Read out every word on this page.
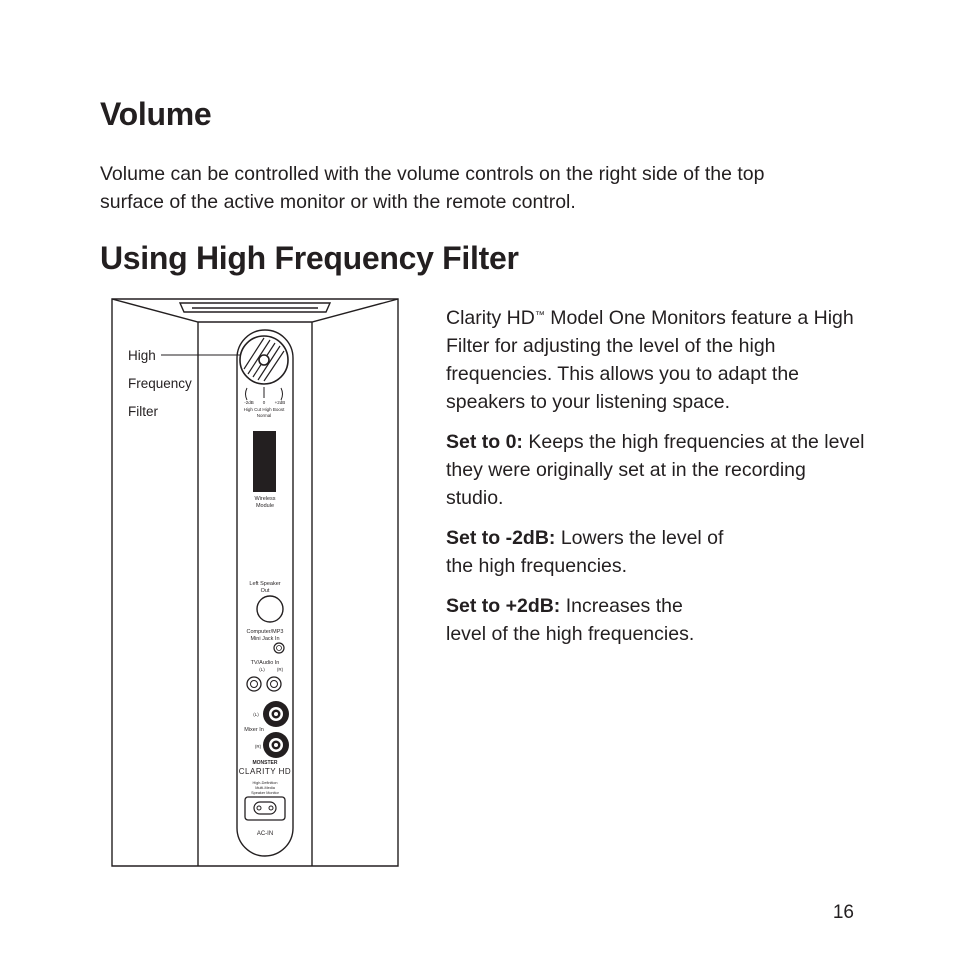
Volume
Volume can be controlled with the volume controls on the right side of the top surface of the active monitor or with the remote control.
Using High Frequency Filter
-2dB 0 +2dB
High Cut High Boost
Normal
High
Frequency
Filter
Wireless
Module
Left Speaker
Out
Computer/MP3
Mini Jack In
TV/Audio In
(L)	(R)
(L)
Mixer In
(R)
MONSTER
CLARITY HD
High-Definition
Multi-Media
Speaker Monitor
AC-IN

Clarity HD™ Model One Monitors feature a High Filter for adjusting the level of the high frequencies. This allows you to adapt the speakers to your listening space.

Set to 0: Keeps the high frequencies at the level they were originally set at in the recording studio.

Set to -2dB: Lowers the level of the high frequencies.

Set to +2dB: Increases the level of the high frequencies.

16
